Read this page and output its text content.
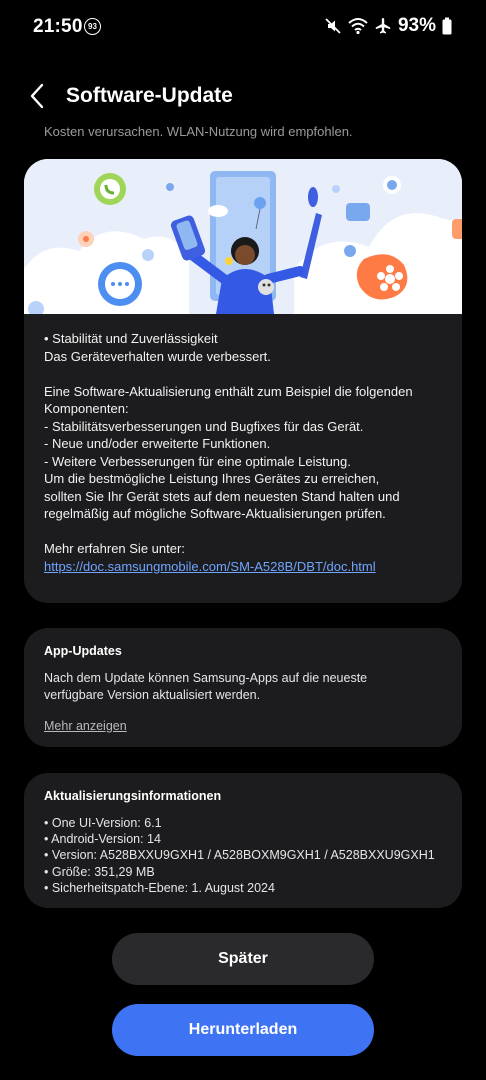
21:50 93	93%
Software-Update
Kosten verursachen. WLAN-Nutzung wird empfohlen.
• Stabilität und Zuverlässigkeit
Das Geräteverhalten wurde verbessert.
Eine Software-Aktualisierung enthält zum Beispiel die folgenden
Komponenten:
- Stabilitätsverbesserungen und Bugfixes für das Gerät.
- Neue und/oder erweiterte Funktionen.
- Weitere Verbesserungen für eine optimale Leistung.
Um die bestmögliche Leistung Ihres Gerätes zu erreichen,
sollten Sie Ihr Gerät stets auf dem neuesten Stand halten und
regelmäßig auf mögliche Software-Aktualisierungen prüfen.
Mehr erfahren Sie unter:
https://doc.samsungmobile.com/SM-A528B/DBT/doc.html
App-Updates
Nach dem Update können Samsung-Apps auf die neueste
verfügbare Version aktualisiert werden.
Mehr anzeigen
Aktualisierungsinformationen
• One UI-Version: 6.1
• Android-Version: 14
• Version: A528BXXU9GXH1 / A528BOXM9GXH1 / A528BXXU9GXH1
• Größe: 351,29 MB
• Sicherheitspatch-Ebene: 1. August 2024
Später
Herunterladen
